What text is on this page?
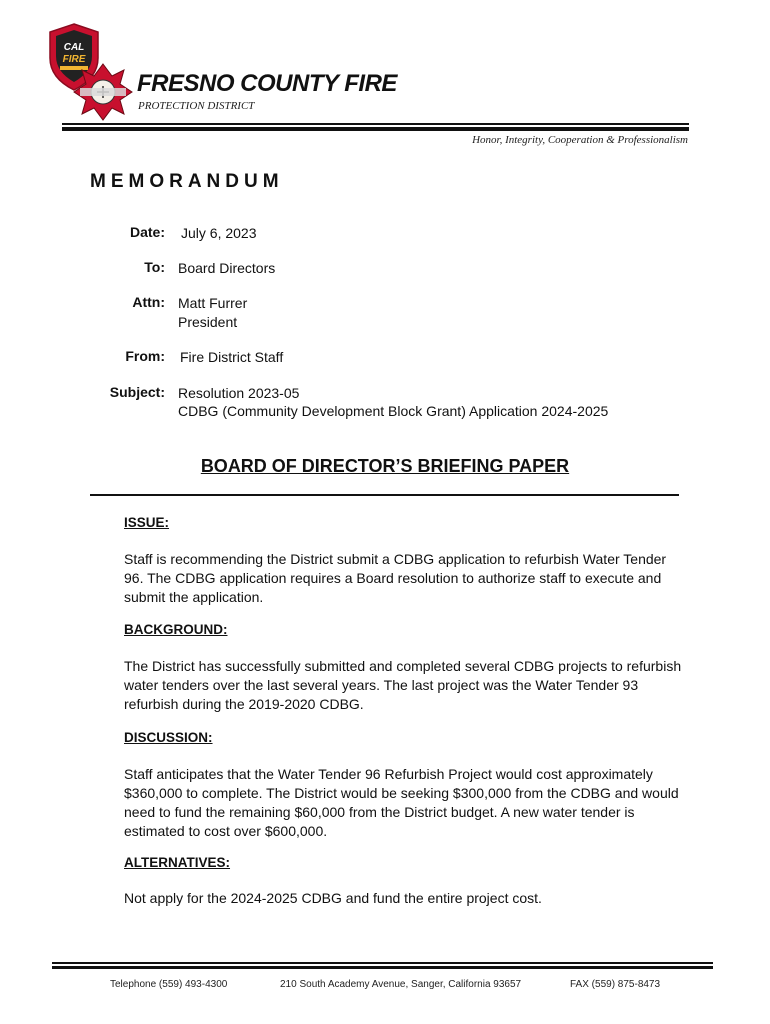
CAL
FIRE
FRESNO COUNTY FIRE
PROTECTION DISTRICT
Honor, Integrity, Cooperation & Professionalism
MEMORANDUM
Date: July 6, 2023
To: Board Directors
Attn: Matt Furrer
President
From: Fire District Staff
Subject: Resolution 2023-05
CDBG (Community Development Block Grant) Application 2024-2025
BOARD OF DIRECTOR’S BRIEFING PAPER
ISSUE:
Staff is recommending the District submit a CDBG application to refurbish Water Tender 96. The CDBG application requires a Board resolution to authorize staff to execute and submit the application.
BACKGROUND:
The District has successfully submitted and completed several CDBG projects to refurbish water tenders over the last several years. The last project was the Water Tender 93 refurbish during the 2019-2020 CDBG.
DISCUSSION:
Staff anticipates that the Water Tender 96 Refurbish Project would cost approximately $360,000 to complete. The District would be seeking $300,000 from the CDBG and would need to fund the remaining $60,000 from the District budget. A new water tender is estimated to cost over $600,000.
ALTERNATIVES:
Not apply for the 2024-2025 CDBG and fund the entire project cost.
Telephone (559) 493-4300	210 South Academy Avenue, Sanger, California 93657	FAX (559) 875-8473
